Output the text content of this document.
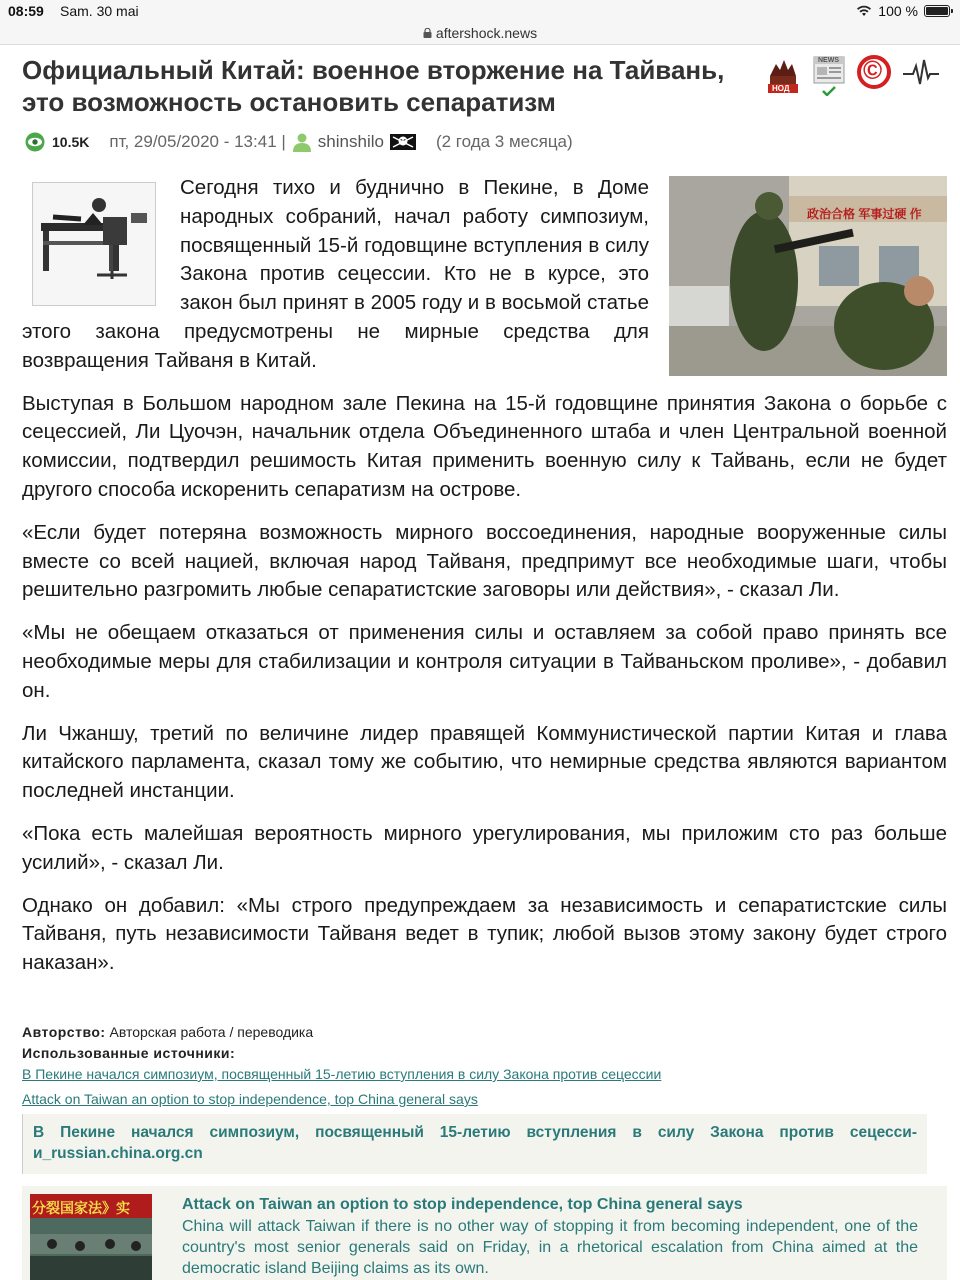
08:59 Sam. 30 mai	100 %
aftershock.news
Официальный Китай: военное вторжение на Тайвань, это возможность остановить сепаратизм	НОД
NEWS ©
10.5K пт, 29/05/2020 - 13:41 | shinshilo	(2 года 3 месяца)
政治合格 军事过硬 作

Сегодня тихо и буднично в Пекине, в Доме народных собраний, начал работу симпозиум, посвященный 15-й годовщине вступления в силу Закона против сецессии. Кто не в курсе, это закон был принят в 2005 году и в восьмой статье этого закона предусмотрены не мирные средства для возвращения Тайваня в Китай.

Выступая в Большом народном зале Пекина на 15-й годовщине принятия Закона о борьбе с сецессией, Ли Цуочэн, начальник отдела Объединенного штаба и член Центральной военной комиссии, подтвердил решимость Китая применить военную силу к Тайвань, если не будет другого способа искоренить сепаратизм на острове.

«Если будет потеряна возможность мирного воссоединения, народные вооруженные силы вместе со всей нацией, включая народ Тайваня, предпримут все необходимые шаги, чтобы решительно разгромить любые сепаратистские заговоры или действия», - сказал Ли.

«Мы не обещаем отказаться от применения силы и оставляем за собой право принять все необходимые меры для стабилизации и контроля ситуации в Тайваньском проливе», - добавил он.

Ли Чжаншу, третий по величине лидер правящей Коммунистической партии Китая и глава китайского парламента, сказал тому же событию, что немирные средства являются вариантом последней инстанции.

«Пока есть малейшая вероятность мирного урегулирования, мы приложим сто раз больше усилий», - сказал Ли.

Однако он добавил: «Мы строго предупреждаем за независимость и сепаратистские силы Тайваня, путь независимости Тайваня ведет в тупик; любой вызов этому закону будет строго наказан».

Авторство: Авторская работа / переводика
Использованные источники:
В Пекине начался симпозиум, посвященный 15-летию вступления в силу Закона против сецессии
Attack on Taiwan an option to stop independence, top China general says
В Пекине начался симпозиум, посвященный 15-летию вступления в силу Закона против сецессии_russian.china.org.cn
分裂国家法》实	Attack on Taiwan an option to stop independence, top China general says
China will attack Taiwan if there is no other way of stopping it from becoming independent, one of the country's most senior generals said on Friday, in a rhetorical escalation from China aimed at the democratic island Beijing claims as its own.
